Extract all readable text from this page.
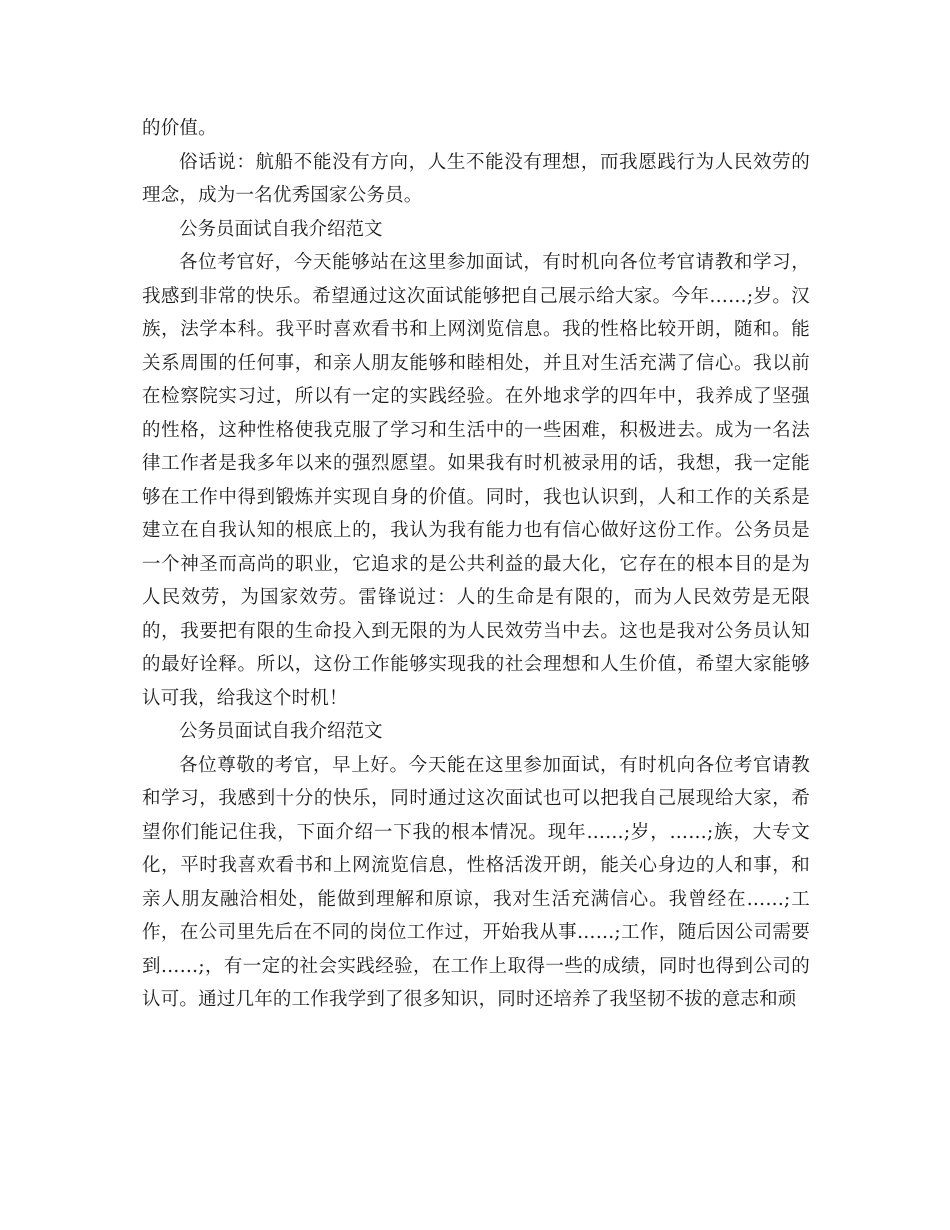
的价值。

俗话说：航船不能没有方向，人生不能没有理想，而我愿践行为人民效劳的理念，成为一名优秀国家公务员。

公务员面试自我介绍范文

各位考官好，今天能够站在这里参加面试，有时机向各位考官请教和学习，我感到非常的快乐。希望通过这次面试能够把自己展示给大家。今年……;岁。汉族，法学本科。我平时喜欢看书和上网浏览信息。我的性格比较开朗，随和。能关系周围的任何事，和亲人朋友能够和睦相处，并且对生活充满了信心。我以前在检察院实习过，所以有一定的实践经验。在外地求学的四年中，我养成了坚强的性格，这种性格使我克服了学习和生活中的一些困难，积极进去。成为一名法律工作者是我多年以来的强烈愿望。如果我有时机被录用的话，我想，我一定能够在工作中得到锻炼并实现自身的价值。同时，我也认识到，人和工作的关系是建立在自我认知的根底上的，我认为我有能力也有信心做好这份工作。公务员是一个神圣而高尚的职业，它追求的是公共利益的最大化，它存在的根本目的是为人民效劳，为国家效劳。雷锋说过：人的生命是有限的，而为人民效劳是无限的，我要把有限的生命投入到无限的为人民效劳当中去。这也是我对公务员认知的最好诠释。所以，这份工作能够实现我的社会理想和人生价值，希望大家能够认可我，给我这个时机！

公务员面试自我介绍范文

各位尊敬的考官，早上好。今天能在这里参加面试，有时机向各位考官请教和学习，我感到十分的快乐，同时通过这次面试也可以把我自己展现给大家，希望你们能记住我，下面介绍一下我的根本情况。现年……;岁，……;族，大专文化，平时我喜欢看书和上网流览信息，性格活泼开朗，能关心身边的人和事，和亲人朋友融洽相处，能做到理解和原谅，我对生活充满信心。我曾经在……;工作，在公司里先后在不同的岗位工作过，开始我从事……;工作，随后因公司需要到……;，有一定的社会实践经验，在工作上取得一些的成绩，同时也得到公司的认可。通过几年的工作我学到了很多知识，同时还培养了我坚韧不拔的意志和顽
